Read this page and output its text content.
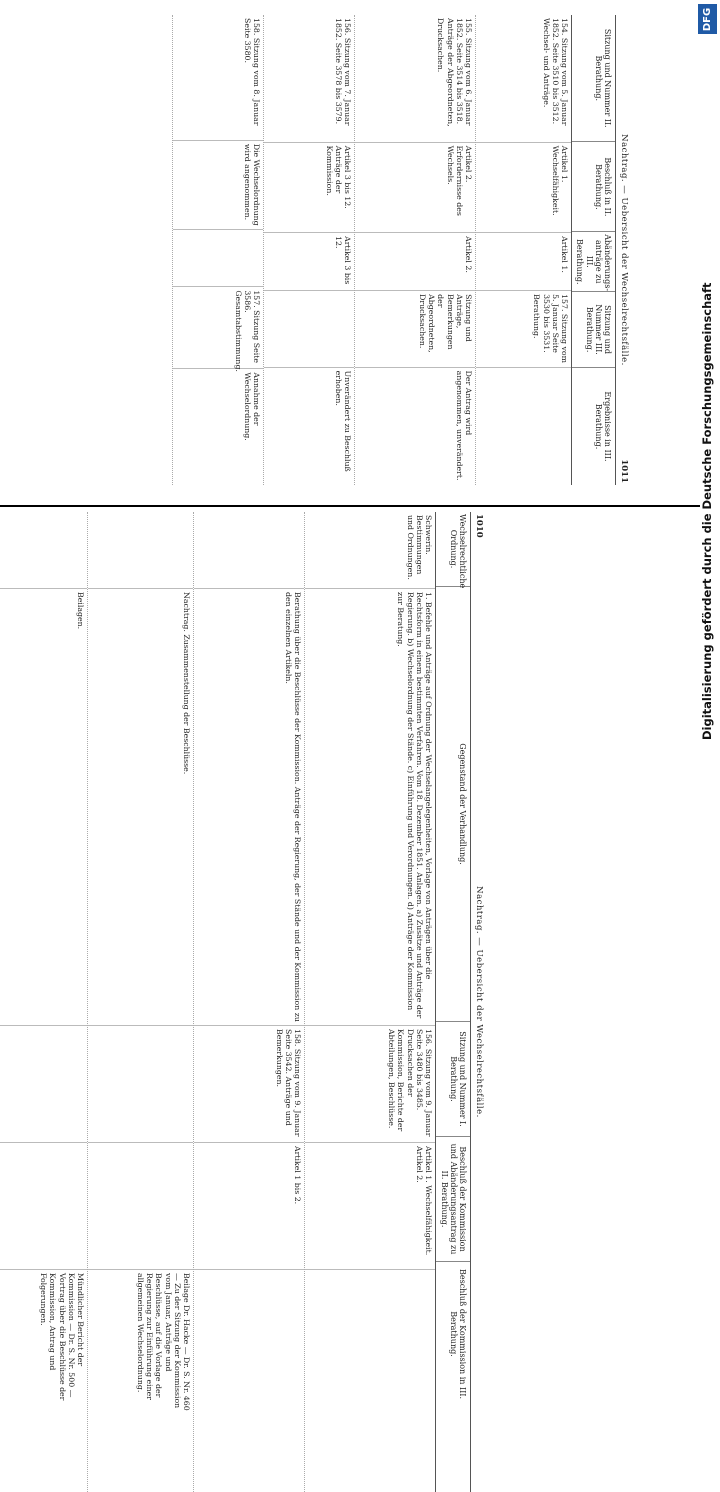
DFG
Digitalisierung gefördert durch die Deutsche Forschungsgemeinschaft
1011
Nachtrag. — Uebersicht der Wechselrechtsfälle.
Sitzung und Nummer II. Berathung.
Beschluß in II. Berathung.
Abänderungs-anträge zu III. Berathung.
Sitzung und Nummer III. Berathung.
Ergebnisse in III. Berathung.
154. Sitzung vom 5. Januar 1852. Seite 3510 bis 3512. Wechsel- und Anträge.
Artikel 1. Wechselfähigkeit.
Artikel 1.
157. Sitzung vom 5. Januar Seite 3530 bis 3531. Berathung.
155. Sitzung vom 6. Januar 1852. Seite 3514 bis 3518. Anträge der Abgeordneten, Drucksachen.
Artikel 2. Erfordernisse des Wechsels.
Artikel 2.
Sitzung und Anträge, Bemerkungen der Abgeordneten, Drucksachen.
Der Antrag wird angenommen, unverändert.
156. Sitzung vom 7. Januar 1852. Seite 3578 bis 3579.
Artikel 3 bis 12. Anträge der Kommission.
Artikel 3 bis 12.
Unverändert zu Beschluß erhoben.
158. Sitzung vom 8. Januar Seite 3580.
Die Wechselordnung wird angenommen.
157. Sitzung Seite 3586. Gesamtabstimmung.
Annahme der Wechselordnung.
1010
Nachtrag. — Uebersicht der Wechselrechtsfälle.
Wechselrechtliche Ordnung.
Gegenstand der Verhandlung.
Sitzung und Nummer I. Berathung.
Beschluß der Kommission und Abänderungsantrag zu II. Berathung.
Beschluß der Kommission in III. Berathung.
Schwerin. Bestimmungen und Ordnungen.
1. Befehle und Anträge auf Ordnung der Wechselangelegenheiten, Vorlage von Anträgen über die Rechtsform in einem bestimmten Verfahren. Vom 18. Dezember 1851. Anlagen. a) Zusätze und Anträge der Regierung. b) Wechselordnung der Stände. c) Einführung und Verordnungen. d) Anträge der Kommission zur Beratung.
156. Sitzung vom 9. Januar Seite 3480 bis 3485. Drucksachen der Kommission, Berichte der Abteilungen, Beschlüsse.
Artikel 1. Wechselfähigkeit. Artikel 2.
Berathung über die Beschlüsse der Kommission. Anträge der Regierung, der Stände und der Kommission zu den einzelnen Artikeln.
158. Sitzung vom 9. Januar Seite 3542. Anträge und Bemerkungen.
Artikel 1 bis 2.
Nachtrag. Zusammenstellung der Beschlüsse.
Beilage Dr. Hacke — Dr. S. Nr. 460 — Zu der Sitzung der Kommission vom Januar, Anträge und Beschlüsse, auf die Vorlage der Regierung zur Einführung einer allgemeinen Wechselordnung.
Beilagen.
Mündlicher Bericht der Kommission — Dr. S. Nr. 500 — Vortrag über die Beschlüsse der Kommission, Antrag und Folgerungen.
